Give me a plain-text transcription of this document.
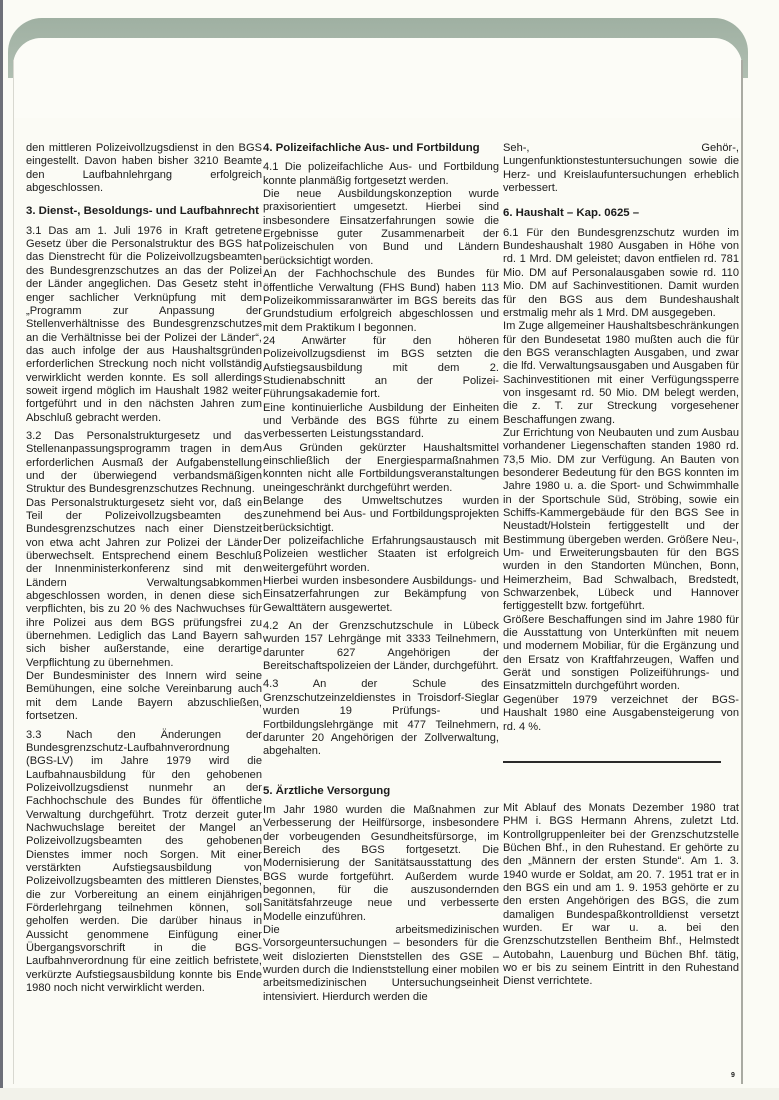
den mittleren Polizeivollzugsdienst in den BGS eingestellt. Davon haben bisher 3210 Beamte den Laufbahnlehrgang erfolgreich abgeschlossen.

3. Dienst-, Besoldungs- und Laufbahnrecht

3.1 Das am 1. Juli 1976 in Kraft getretene Gesetz über die Personalstruktur des BGS hat das Dienstrecht für die Polizeivollzugsbeamten des Bundesgrenzschutzes an das der Polizei der Länder angeglichen. Das Gesetz steht in enger sachlicher Verknüpfung mit dem „Programm zur Anpassung der Stellenverhältnisse des Bundesgrenzschutzes an die Verhältnisse bei der Polizei der Länder“, das auch infolge der aus Haushaltsgründen erforderlichen Streckung noch nicht vollständig verwirklicht werden konnte. Es soll allerdings soweit irgend möglich im Haushalt 1982 weiter fortgeführt und in den nächsten Jahren zum Abschluß gebracht werden.

3.2 Das Personalstrukturgesetz und das Stellenanpassungsprogramm tragen in dem erforderlichen Ausmaß der Aufgabenstellung und der überwiegend verbandsmäßigen Struktur des Bundesgrenzschutzes Rechnung.

Das Personalstrukturgesetz sieht vor, daß ein Teil der Polizeivollzugsbeamten des Bundesgrenzschutzes nach einer Dienstzeit von etwa acht Jahren zur Polizei der Länder überwechselt. Entsprechend einem Beschluß der Innenministerkonferenz sind mit den Ländern Verwaltungsabkommen abgeschlossen worden, in denen diese sich verpflichten, bis zu 20 % des Nachwuchses für ihre Polizei aus dem BGS prüfungsfrei zu übernehmen. Lediglich das Land Bayern sah sich bisher außerstande, eine derartige Verpflichtung zu übernehmen.

Der Bundesminister des Innern wird seine Bemühungen, eine solche Vereinbarung auch mit dem Lande Bayern abzuschließen, fortsetzen.

3.3 Nach den Änderungen der Bundesgrenzschutz-Laufbahnverordnung (BGS-LV) im Jahre 1979 wird die Laufbahnausbildung für den gehobenen Polizeivollzugsdienst nunmehr an der Fachhochschule des Bundes für öffentliche Verwaltung durchgeführt. Trotz derzeit guter Nachwuchslage bereitet der Mangel an Polizeivollzugsbeamten des gehobenen Dienstes immer noch Sorgen. Mit einer verstärkten Aufstiegsausbildung von Polizeivollzugsbeamten des mittleren Dienstes, die zur Vorbereitung an einem einjährigen Förderlehrgang teilnehmen können, soll geholfen werden. Die darüber hinaus in Aussicht genommene Einfügung einer Übergangsvorschrift in die BGS-Laufbahnverordnung für eine zeitlich befristete, verkürzte Aufstiegsausbildung konnte bis Ende 1980 noch nicht verwirklicht werden.

4. Polizeifachliche Aus- und Fortbildung

4.1 Die polizeifachliche Aus- und Fortbildung konnte planmäßig fortgesetzt werden.

Die neue Ausbildungskonzeption wurde praxisorientiert umgesetzt. Hierbei sind insbesondere Einsatzerfahrungen sowie die Ergebnisse guter Zusammenarbeit der Polizeischulen von Bund und Ländern berücksichtigt worden.

An der Fachhochschule des Bundes für öffentliche Verwaltung (FHS Bund) haben 113 Polizeikommissaranwärter im BGS bereits das Grundstudium erfolgreich abgeschlossen und mit dem Praktikum I begonnen.

24 Anwärter für den höheren Polizeivollzugsdienst im BGS setzten die Aufstiegsausbildung mit dem 2. Studienabschnitt an der Polizei-Führungsakademie fort.

Eine kontinuierliche Ausbildung der Einheiten und Verbände des BGS führte zu einem verbesserten Leistungsstandard.

Aus Gründen gekürzter Haushaltsmittel einschließlich der Energiesparmaßnahmen konnten nicht alle Fortbildungsveranstaltungen uneingeschränkt durchgeführt werden.

Belange des Umweltschutzes wurden zunehmend bei Aus- und Fortbildungsprojekten berücksichtigt.

Der polizeifachliche Erfahrungsaustausch mit Polizeien westlicher Staaten ist erfolgreich weitergeführt worden.

Hierbei wurden insbesondere Ausbildungs- und Einsatzerfahrungen zur Bekämpfung von Gewalttätern ausgewertet.

4.2 An der Grenzschutzschule in Lübeck wurden 157 Lehrgänge mit 3333 Teilnehmern, darunter 627 Angehörigen der Bereitschaftspolizeien der Länder, durchgeführt.

4.3 An der Schule des Grenzschutzeinzeldienstes in Troisdorf-Sieglar wurden 19 Prüfungs- und Fortbildungslehrgänge mit 477 Teilnehmern, darunter 20 Angehörigen der Zollverwaltung, abgehalten.

5. Ärztliche Versorgung

Im Jahr 1980 wurden die Maßnahmen zur Verbesserung der Heilfürsorge, insbesondere der vorbeugenden Gesundheitsfürsorge, im Bereich des BGS fortgesetzt. Die Modernisierung der Sanitätsausstattung des BGS wurde fortgeführt. Außerdem wurde begonnen, für die auszusondernden Sanitätsfahrzeuge neue und verbesserte Modelle einzuführen.

Die arbeitsmedizinischen Vorsorgeuntersuchungen – besonders für die weit dislozierten Dienststellen des GSE – wurden durch die Indienststellung einer mobilen arbeitsmedizinischen Untersuchungseinheit intensiviert. Hierdurch werden die

Seh-, Gehör-, Lungenfunktionstestuntersuchungen sowie die Herz- und Kreislaufuntersuchungen erheblich verbessert.

6. Haushalt – Kap. 0625 –

6.1 Für den Bundesgrenzschutz wurden im Bundeshaushalt 1980 Ausgaben in Höhe von rd. 1 Mrd. DM geleistet; davon entfielen rd. 781 Mio. DM auf Personalausgaben sowie rd. 110 Mio. DM auf Sachinvestitionen. Damit wurden für den BGS aus dem Bundeshaushalt erstmalig mehr als 1 Mrd. DM ausgegeben.

Im Zuge allgemeiner Haushaltsbeschränkungen für den Bundesetat 1980 mußten auch die für den BGS veranschlagten Ausgaben, und zwar die lfd. Verwaltungsausgaben und Ausgaben für Sachinvestitionen mit einer Verfügungssperre von insgesamt rd. 50 Mio. DM belegt werden, die z. T. zur Streckung vorgesehener Beschaffungen zwang.

Zur Errichtung von Neubauten und zum Ausbau vorhandener Liegenschaften standen 1980 rd. 73,5 Mio. DM zur Verfügung. An Bauten von besonderer Bedeutung für den BGS konnten im Jahre 1980 u. a. die Sport- und Schwimmhalle in der Sportschule Süd, Ströbing, sowie ein Schiffs-Kammergebäude für den BGS See in Neustadt/Holstein fertiggestellt und der Bestimmung übergeben werden. Größere Neu-, Um- und Erweiterungsbauten für den BGS wurden in den Standorten München, Bonn, Heimerzheim, Bad Schwalbach, Bredstedt, Schwarzenbek, Lübeck und Hannover fertiggestellt bzw. fortgeführt.

Größere Beschaffungen sind im Jahre 1980 für die Ausstattung von Unterkünften mit neuem und modernem Mobiliar, für die Ergänzung und den Ersatz von Kraftfahrzeugen, Waffen und Gerät und sonstigen Polizeiführungs- und Einsatzmitteln durchgeführt worden.

Gegenüber 1979 verzeichnet der BGS-Haushalt 1980 eine Ausgabensteigerung von rd. 4 %.

Mit Ablauf des Monats Dezember 1980 trat PHM i. BGS Hermann Ahrens, zuletzt Ltd. Kontrollgruppenleiter bei der Grenzschutzstelle Büchen Bhf., in den Ruhestand. Er gehörte zu den „Männern der ersten Stunde“. Am 1. 3. 1940 wurde er Soldat, am 20. 7. 1951 trat er in den BGS ein und am 1. 9. 1953 gehörte er zu den ersten Angehörigen des BGS, die zum damaligen Bundespaßkontrolldienst versetzt wurden. Er war u. a. bei den Grenzschutzstellen Bentheim Bhf., Helmstedt Autobahn, Lauenburg und Büchen Bhf. tätig, wo er bis zu seinem Eintritt in den Ruhestand Dienst verrichtete.

9
